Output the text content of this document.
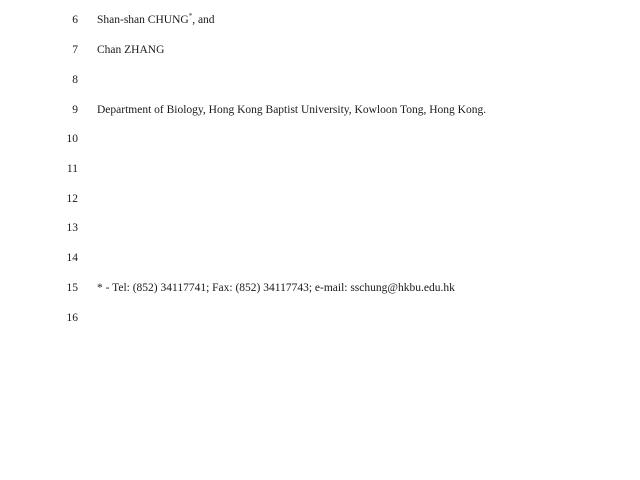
6 Shan-shan CHUNG*, and
7 Chan ZHANG
8
9 Department of Biology, Hong Kong Baptist University, Kowloon Tong, Hong Kong.
10
11
12
13
14
15 * - Tel: (852) 34117741; Fax: (852) 34117743; e-mail: sschung@hkbu.edu.hk
16
